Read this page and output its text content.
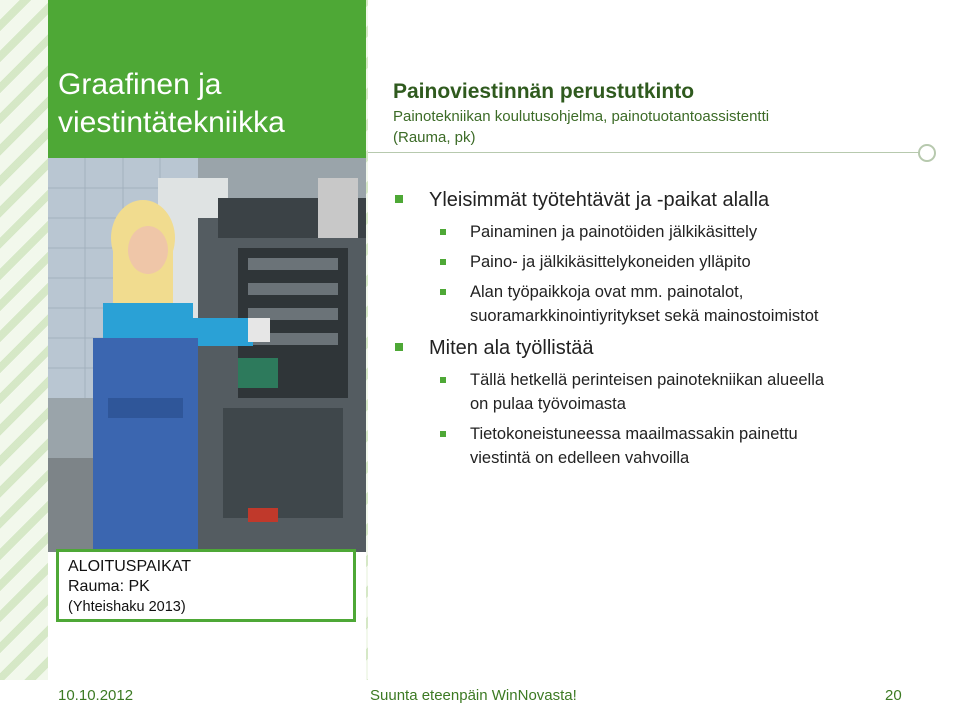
Graafinen ja
viestintätekniikka
Painoviestinnän perustutkinto
Painotekniikan koulutusohjelma, painotuotantoassistentti
(Rauma, pk)
Yleisimmät työtehtävät ja -paikat alalla
Painaminen ja painotöiden jälkikäsittely
Paino- ja jälkikäsittelykoneiden ylläpito
Alan työpaikkoja ovat mm. painotalot,
suoramarkkinointiyritykset sekä mainostoimistot
Miten ala työllistää
Tällä hetkellä perinteisen painotekniikan alueella
on pulaa työvoimasta
Tietokoneistuneessa maailmassakin painettu
viestintä on edelleen vahvoilla
ALOITUSPAIKAT
Rauma: PK
(Yhteishaku 2013)
10.10.2012	Suunta eteenpäin WinNovasta!	20
